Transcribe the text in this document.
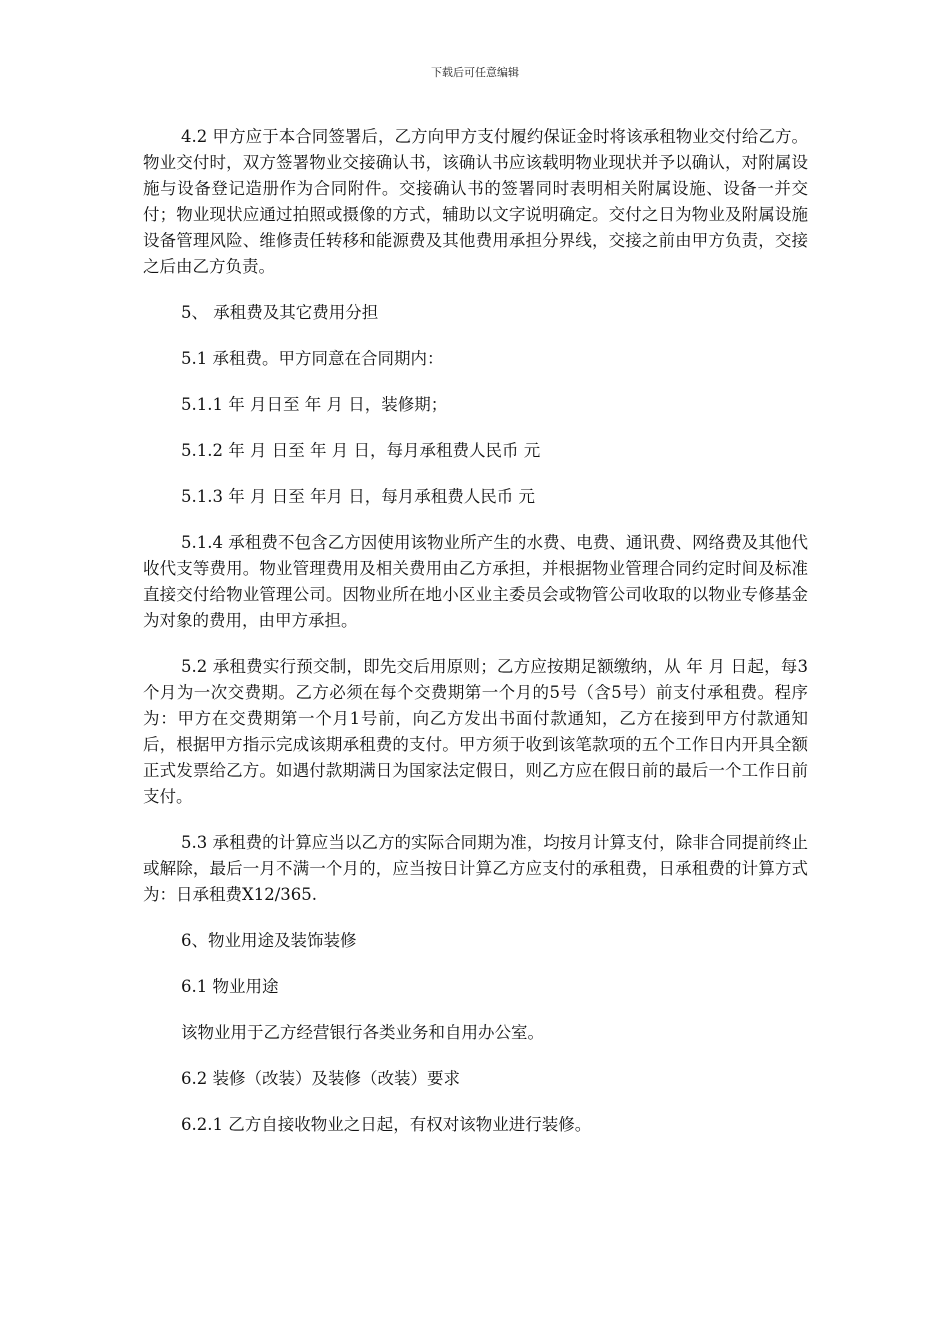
下载后可任意编辑

4.2 甲方应于本合同签署后，乙方向甲方支付履约保证金时将该承租物业交付给乙方。物业交付时，双方签署物业交接确认书，该确认书应该载明物业现状并予以确认，对附属设施与设备登记造册作为合同附件。交接确认书的签署同时表明相关附属设施、设备一并交付；物业现状应通过拍照或摄像的方式，辅助以文字说明确定。交付之日为物业及附属设施设备管理风险、维修责任转移和能源费及其他费用承担分界线，交接之前由甲方负责，交接之后由乙方负责。

5、 承租费及其它费用分担

5.1 承租费。甲方同意在合同期内：

5.1.1 年 月日至 年 月 日，装修期；

5.1.2 年 月 日至 年 月 日，每月承租费人民币 元

5.1.3 年 月 日至 年月 日，每月承租费人民币 元

5.1.4 承租费不包含乙方因使用该物业所产生的水费、电费、通讯费、网络费及其他代收代支等费用。物业管理费用及相关费用由乙方承担，并根据物业管理合同约定时间及标准直接交付给物业管理公司。因物业所在地小区业主委员会或物管公司收取的以物业专修基金为对象的费用，由甲方承担。

5.2 承租费实行预交制，即先交后用原则；乙方应按期足额缴纳，从 年 月 日起，每3个月为一次交费期。乙方必须在每个交费期第一个月的5号（含5号）前支付承租费。程序为：甲方在交费期第一个月1号前，向乙方发出书面付款通知，乙方在接到甲方付款通知后，根据甲方指示完成该期承租费的支付。甲方须于收到该笔款项的五个工作日内开具全额正式发票给乙方。如遇付款期满日为国家法定假日，则乙方应在假日前的最后一个工作日前支付。

5.3 承租费的计算应当以乙方的实际合同期为准，均按月计算支付，除非合同提前终止或解除，最后一月不满一个月的，应当按日计算乙方应支付的承租费，日承租费的计算方式为：日承租费X12/365.

6、物业用途及装饰装修

6.1 物业用途

该物业用于乙方经营银行各类业务和自用办公室。

6.2 装修（改装）及装修（改装）要求

6.2.1 乙方自接收物业之日起，有权对该物业进行装修。
